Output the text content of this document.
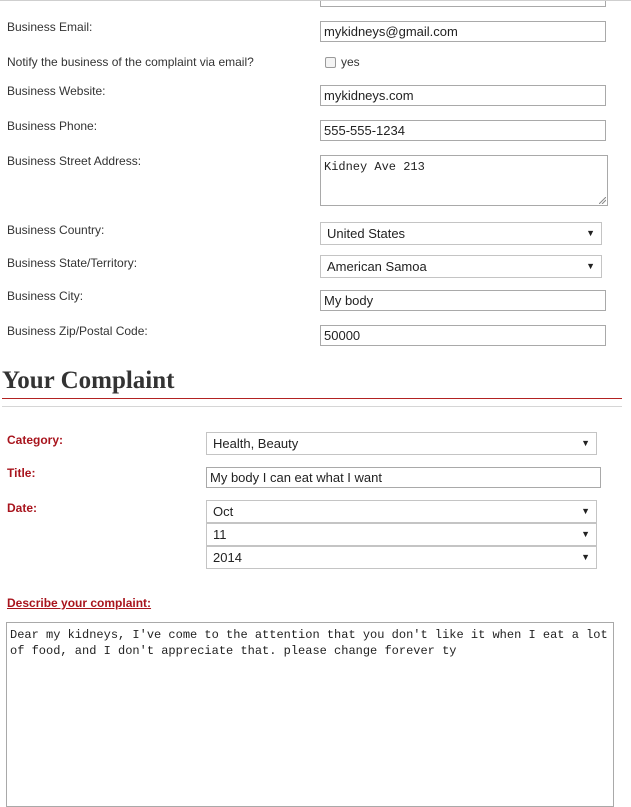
Business Email:	mykidneys@gmail.com
Notify the business of the complaint via email?	yes
Business Website:	mykidneys.com
Business Phone:	555-555-1234
Business Street Address:	Kidney Ave 213
Business Country:	United States	▼
Business State/Territory:	American Samoa	▼
Business City:	My body
Business Zip/Postal Code:	50000
Your Complaint
Category:	Health, Beauty	▼
Title:	My body I can eat what I want
Date:	Oct	▼
11	▼
2014	▼
Describe your complaint:
Dear my kidneys, I've come to the attention that you don't like it when I eat a lot of food, and I don't appreciate that. please change forever ty
